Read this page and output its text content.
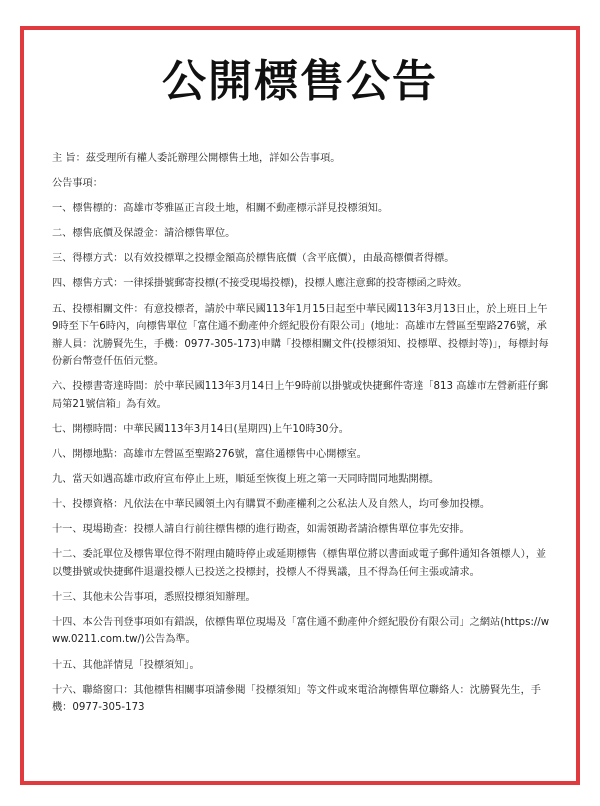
公開標售公告

主 旨：茲受理所有權人委託辦理公開標售土地，詳如公告事項。

公告事項：

一、標售標的：高雄市苓雅區正言段土地，相關不動產標示詳見投標須知。

二、標售底價及保證金：請洽標售單位。

三、得標方式：以有效投標單之投標金額高於標售底價（含平底價），由最高標價者得標。

四、標售方式：一律採掛號郵寄投標(不接受現場投標)，投標人應注意郵的投寄標函之時效。

五、投標相關文件：有意投標者，請於中華民國113年1月15日起至中華民國113年3月13日止，於上班日上午9時至下午6時內，向標售單位「富住通不動產仲介經紀股份有限公司」(地址：高雄市左營區至聖路276號，承辦人員：沈勝賢先生，手機：0977-305-173)申購「投標相關文件(投標須知、投標單、投標封等)」，每標封每份新台幣壹仟伍佰元整。

六、投標書寄達時間：於中華民國113年3月14日上午9時前以掛號或快捷郵件寄達「813 高雄市左營新莊仔郵局第21號信箱」為有效。

七、開標時間：中華民國113年3月14日(星期四)上午10時30分。

八、開標地點：高雄市左營區至聖路276號，富住通標售中心開標室。

九、當天如遇高雄市政府宣布停止上班，順延至恢復上班之第一天同時間同地點開標。

十、投標資格：凡依法在中華民國領土內有購買不動產權利之公私法人及自然人，均可參加投標。

十一、現場勘查：投標人請自行前往標售標的進行勘查，如需領勘者請洽標售單位事先安排。

十二、委託單位及標售單位得不附理由隨時停止或延期標售（標售單位將以書面或電子郵件通知各領標人），並以雙掛號或快捷郵件退還投標人已投送之投標封，投標人不得異議，且不得為任何主張或請求。

十三、其他未公告事項，悉照投標須知辦理。

十四、本公告刊登事項如有錯誤，依標售單位現場及「富住通不動產仲介經紀股份有限公司」之網站(https://www.0211.com.tw/)公告為準。

十五、其他詳情見「投標須知」。

十六、聯絡窗口：其他標售相關事項請參閱「投標須知」等文件或來電洽詢標售單位聯絡人：沈勝賢先生，手機：0977-305-173
